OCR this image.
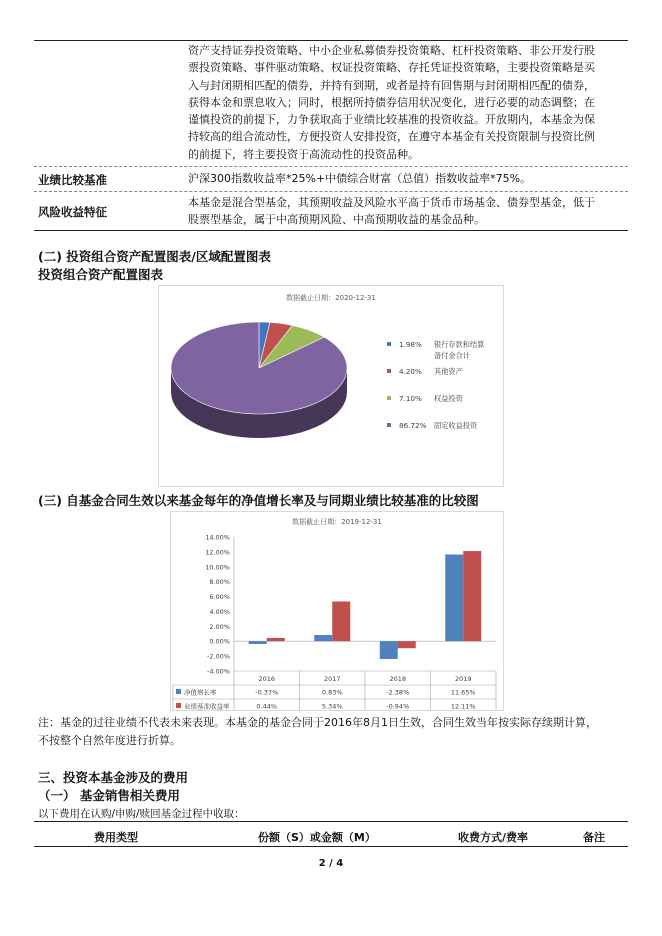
资产支持证券投资策略、中小企业私募债券投资策略、杠杆投资策略、非公开发行股
票投资策略、事件驱动策略、权证投资策略、存托凭证投资策略，主要投资策略是买
入与封闭期相匹配的债券，并持有到期，或者是持有回售期与封闭期相匹配的债券，
获得本金和票息收入；同时，根据所持债券信用状况变化，进行必要的动态调整；在
谨慎投资的前提下，力争获取高于业绩比较基准的投资收益。开放期内，本基金为保
持较高的组合流动性，方便投资人安排投资，在遵守本基金有关投资限制与投资比例
的前提下，将主要投资于高流动性的投资品种。
业绩比较基准	沪深300指数收益率*25%+中债综合财富（总值）指数收益率*75%。
风险收益特征
本基金是混合型基金，其预期收益及风险水平高于货币市场基金、债券型基金，低于
股票型基金，属于中高预期风险、中高预期收益的基金品种。
(二) 投资组合资产配置图表/区域配置图表
投资组合资产配置图表
数据截止日期：2020-12-31
1.98% 银行存款和结算
备付金合计
4.20% 其他资产
7.10% 权益投资
86.72% 固定收益投资
(三) 自基金合同生效以来基金每年的净值增长率及与同期业绩比较基准的比较图
数据截止日期：2019-12-31
14.00%
12.00%
10.00%
8.00%
6.00%
4.00%
2.00%
0.00%
-2.00%
-4.00%
2016	2017	2018	2019
净值增长率	-0.37%	0.83%	-2.38%	11.65%
业绩基准收益率	0.44%	5.34%	-0.94%	12.11%
注：基金的过往业绩不代表未来表现。本基金的基金合同于2016年8月1日生效，合同生效当年按实际存续期计算，
不按整个自然年度进行折算。
三、投资本基金涉及的费用
（一） 基金销售相关费用
以下费用在认购/申购/赎回基金过程中收取：
费用类型	份额（S）或金额（M）	收费方式/费率	备注
2 / 4
